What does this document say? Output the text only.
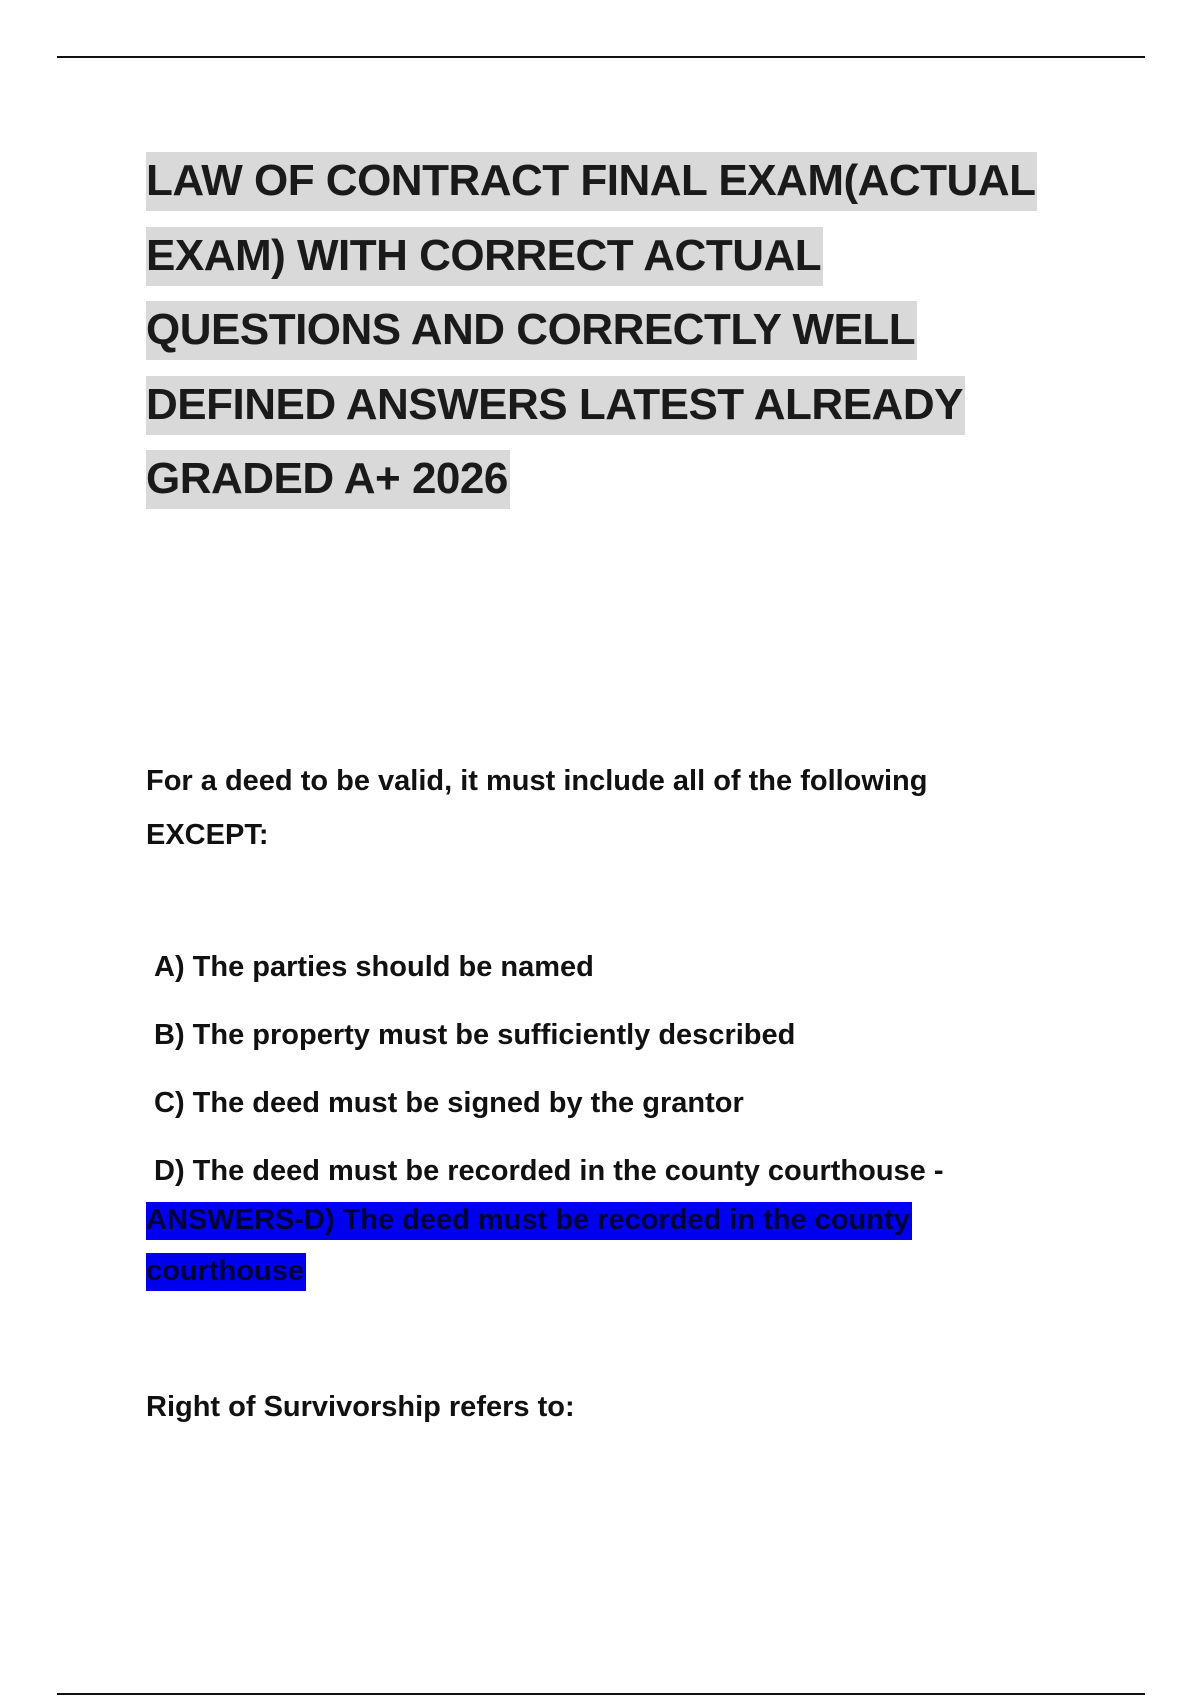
LAW OF CONTRACT FINAL EXAM(ACTUAL
EXAM) WITH CORRECT ACTUAL
QUESTIONS AND CORRECTLY WELL
DEFINED ANSWERS LATEST ALREADY
GRADED A+ 2026

For a deed to be valid, it must include all of the following
EXCEPT:

A) The parties should be named
B) The property must be sufficiently described
C) The deed must be signed by the grantor
D) The deed must be recorded in the county courthouse -

ANSWERS-D) The deed must be recorded in the county
courthouse

Right of Survivorship refers to:
